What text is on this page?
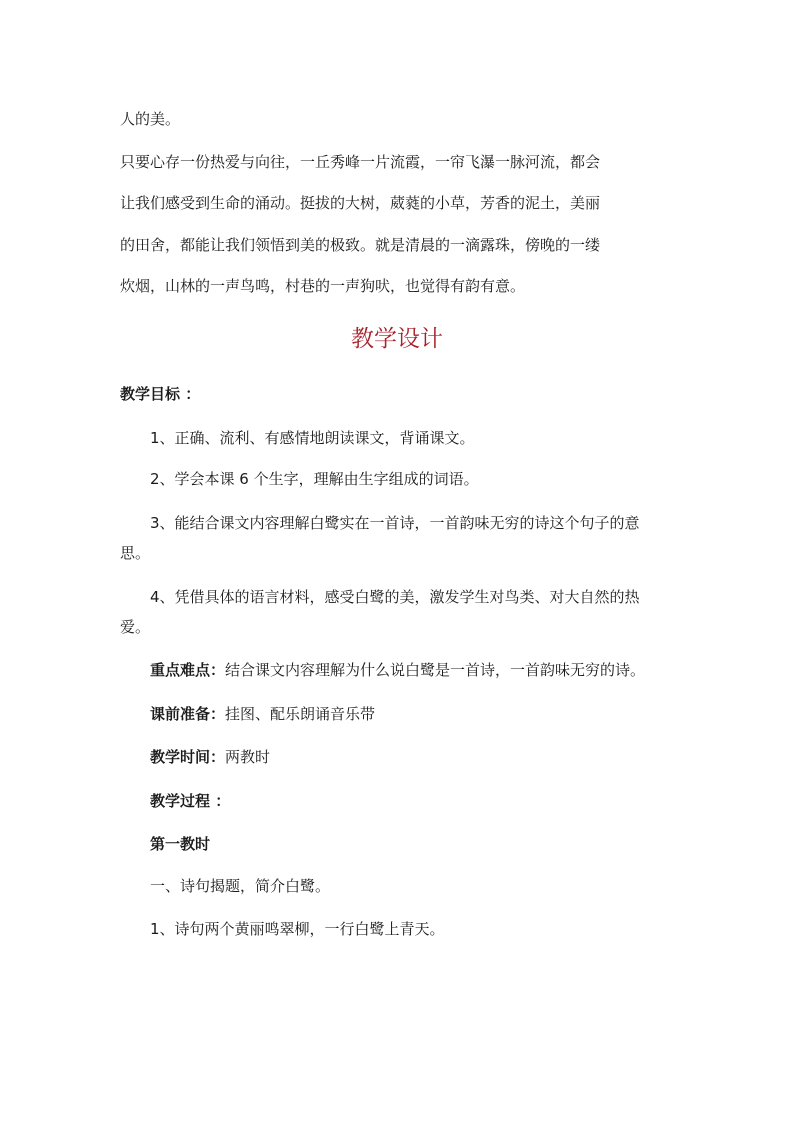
人的美。
只要心存一份热爱与向往，一丘秀峰一片流霞，一帘飞瀑一脉河流，都会
让我们感受到生命的涌动。挺拔的大树，葳蕤的小草，芳香的泥土，美丽
的田舍，都能让我们领悟到美的极致。就是清晨的一滴露珠，傍晚的一缕
炊烟，山林的一声鸟鸣，村巷的一声狗吠，也觉得有韵有意。
教学设计
教学目标 ：
1、正确、流利、有感情地朗读课文，背诵课文。
2、学会本课 6 个生字，理解由生字组成的词语。
3、能结合课文内容理解白鹭实在一首诗，一首韵味无穷的诗这个句子的意
思。
4、凭借具体的语言材料，感受白鹭的美，激发学生对鸟类、对大自然的热
爱。
重点难点：结合课文内容理解为什么说白鹭是一首诗，一首韵味无穷的诗。
课前准备：挂图、配乐朗诵音乐带
教学时间：两教时
教学过程 ：
第一教时
一、诗句揭题，简介白鹭。
1、诗句两个黄丽鸣翠柳，一行白鹭上青天。
